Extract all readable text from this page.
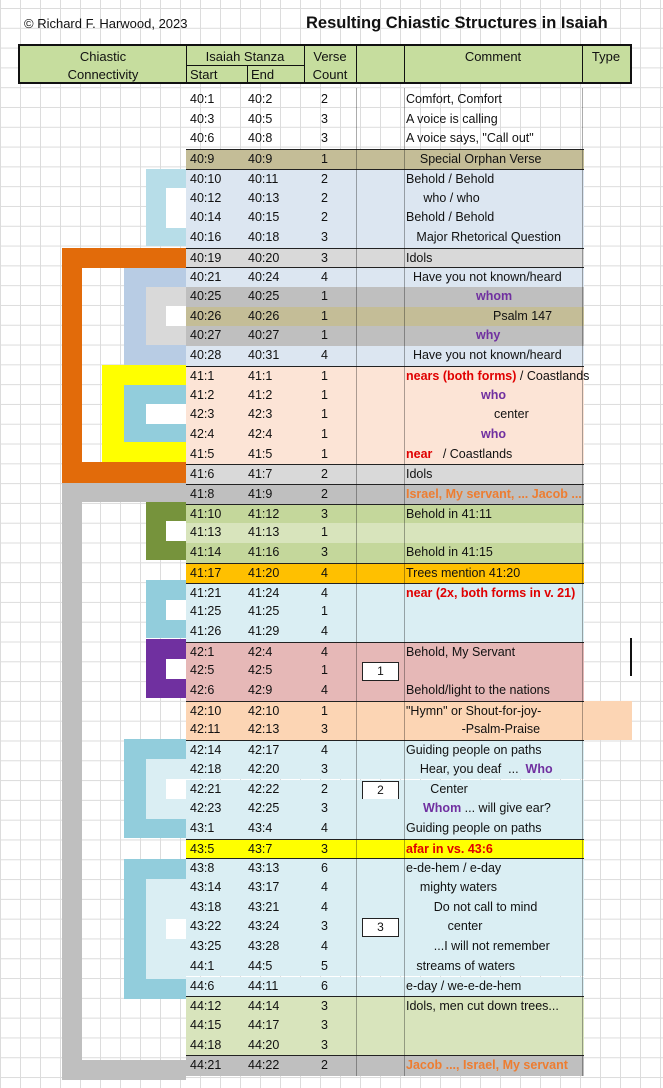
© Richard F. Harwood, 2023	Resulting Chiastic Structures in Isaiah
Chiastic
Connectivity
Isaiah Stanza
Start	End
Verse
Count
Comment	Type
40:1	40:2	2	Comfort, Comfort
40:3	40:5	3	A voice is calling
40:6	40:8	3	A voice says, "Call out"
40:9	40:9	1	Special Orphan Verse
40:10 40:11	2	Behold / Behold
40:12 40:13	2	who / who
40:14 40:15	2	Behold / Behold
40:16 40:18	3	Major Rhetorical Question
40:19 40:20	3	Idols
40:21 40:24	4	Have you not known/heard
40:25 40:25	1	whom
40:26 40:26	1	Psalm 147
40:27 40:27	1	why
40:28 40:31	4	Have you not known/heard
41:1	41:1	1	nears (both forms) / Coastlands
41:2	41:2	1	who
42:3	42:3	1	center
42:4	42:4	1	who
41:5	41:5	1	near   / Coastlands
41:6	41:7	2	Idols
41:8	41:9	2	Israel, My servant, ... Jacob ...
41:10 41:12	3	Behold in 41:11
41:13 41:13	1
41:14 41:16	3	Behold in 41:15
41:17 41:20	4	Trees mention 41:20
41:21 41:24	4	near (2x, both forms in v. 21)
41:25 41:25	1
41:26 41:29	4
42:1	42:4	4	Behold, My Servant
42:5	42:5	1	1
42:6	42:9	4	Behold/light to the nations
42:10 42:10	1	"Hymn" or Shout-for-joy-
42:11 42:13	3	-Psalm-Praise
42:14 42:17	4	Guiding people on paths
42:18 42:20	3	Hear, you deaf  ...  Who
42:21 42:22	2	2	Center
42:23 42:25	3	Whom ... will give ear?
43:1	43:4	4	Guiding people on paths
43:5	43:7	3	afar in vs. 43:6
43:8	43:13	6	e-de-hem / e-day
43:14 43:17	4	mighty waters
43:18 43:21	4	Do not call to mind
43:22 43:24	3	3	center
43:25 43:28	4	...I will not remember
44:1	44:5	5	streams of waters
44:6	44:11	6	e-day / we-e-de-hem
44:12 44:14	3	Idols, men cut down trees...
44:15 44:17	3
44:18 44:20	3
44:21 44:22	2	Jacob ..., Israel, My servant
